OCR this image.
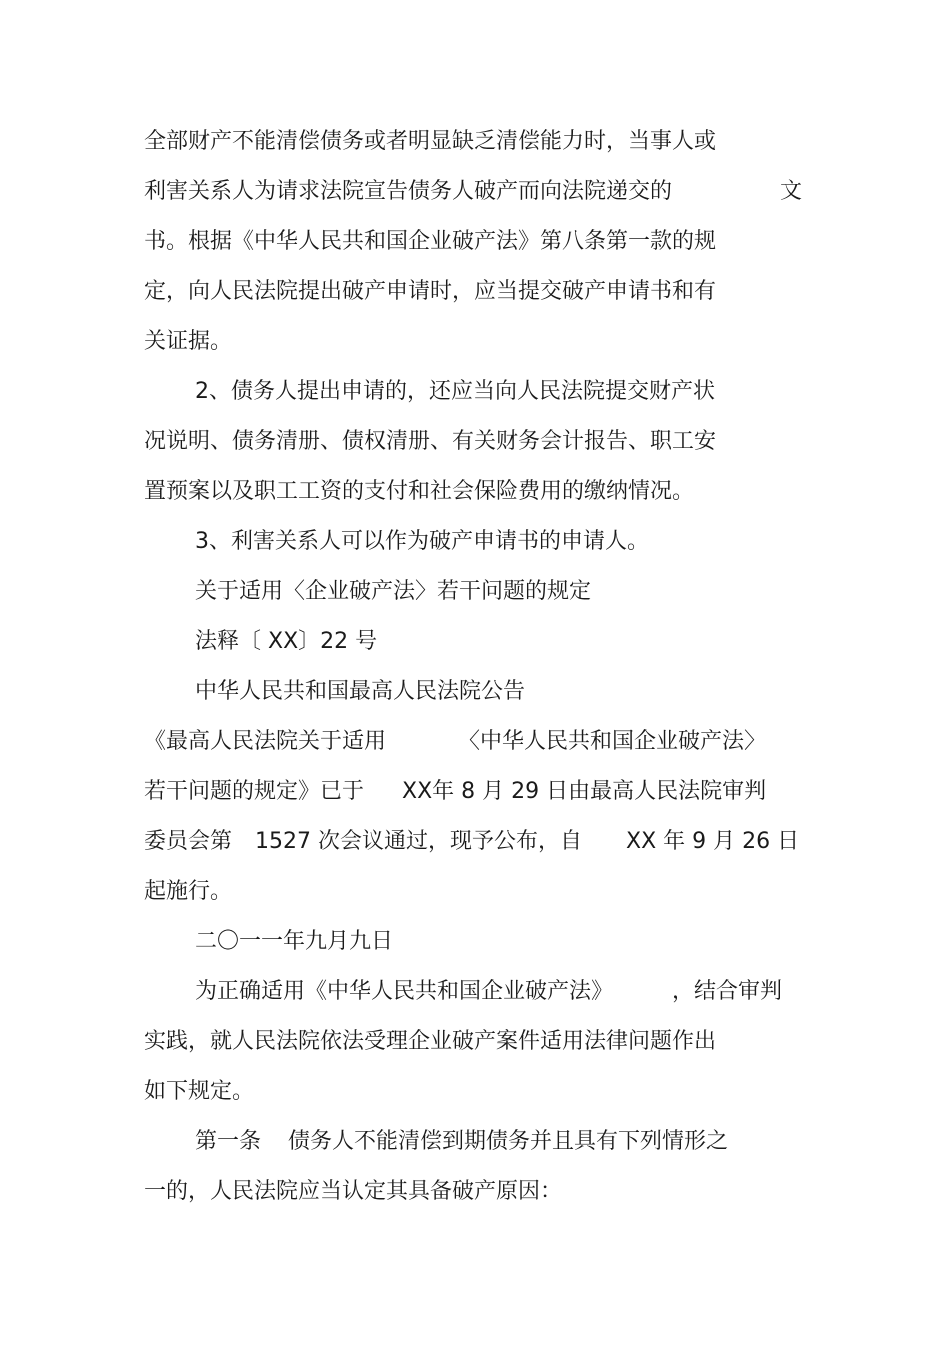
全部财产不能清偿债务或者明显缺乏清偿能力时，当事人或
利害关系人为请求法院宣告债务人破产而向法院递交的	文
书。根据《中华人民共和国企业破产法》第八条第一款的规
定，向人民法院提出破产申请时，应当提交破产申请书和有
关证据。
2、债务人提出申请的，还应当向人民法院提交财产状
况说明、债务清册、债权清册、有关财务会计报告、职工安
置预案以及职工工资的支付和社会保险费用的缴纳情况。
3、利害关系人可以作为破产申请书的申请人。
关于适用〈企业破产法〉若干问题的规定
法释〔 XX〕22 号
中华人民共和国最高人民法院公告
《最高人民法院关于适用	〈中华人民共和国企业破产法〉
若干问题的规定》已于 XX年 8 月 29 日由最高人民法院审判
委员会第 1527 次会议通过，现予公布，自 XX 年 9 月 26 日
起施行。
二〇一一年九月九日
为正确适用《中华人民共和国企业破产法》	，结合审判
实践，就人民法院依法受理企业破产案件适用法律问题作出
如下规定。
第一条 债务人不能清偿到期债务并且具有下列情形之
一的，人民法院应当认定其具备破产原因：
